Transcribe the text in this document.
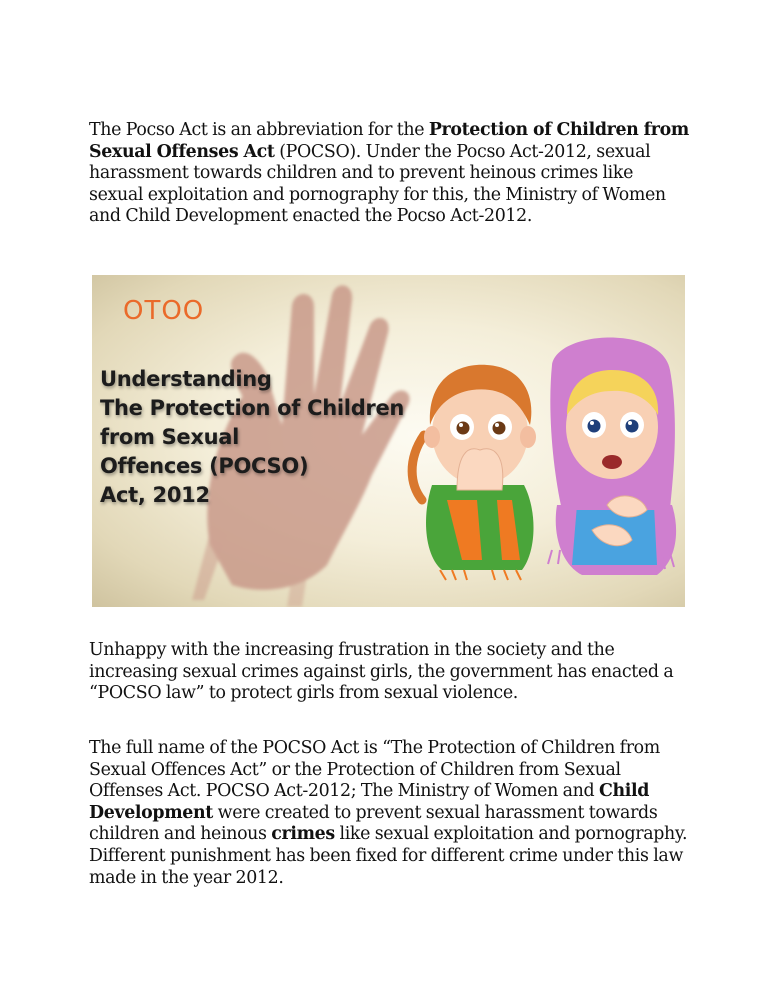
The Pocso Act is an abbreviation for the Protection of Children from Sexual Offenses Act (POCSO). Under the Pocso Act-2012, sexual harassment towards children and to prevent heinous crimes like sexual exploitation and pornography for this, the Ministry of Women and Child Development enacted the Pocso Act-2012.
OTOO
Understanding
The Protection of Children
from Sexual
Offences (POCSO)
Act, 2012
Unhappy with the increasing frustration in the society and the increasing sexual crimes against girls, the government has enacted a “POCSO law” to protect girls from sexual violence.
The full name of the POCSO Act is “The Protection of Children from Sexual Offences Act” or the Protection of Children from Sexual Offenses Act. POCSO Act-2012; The Ministry of Women and Child Development were created to prevent sexual harassment towards children and heinous crimes like sexual exploitation and pornography. Different punishment has been fixed for different crime under this law made in the year 2012.
